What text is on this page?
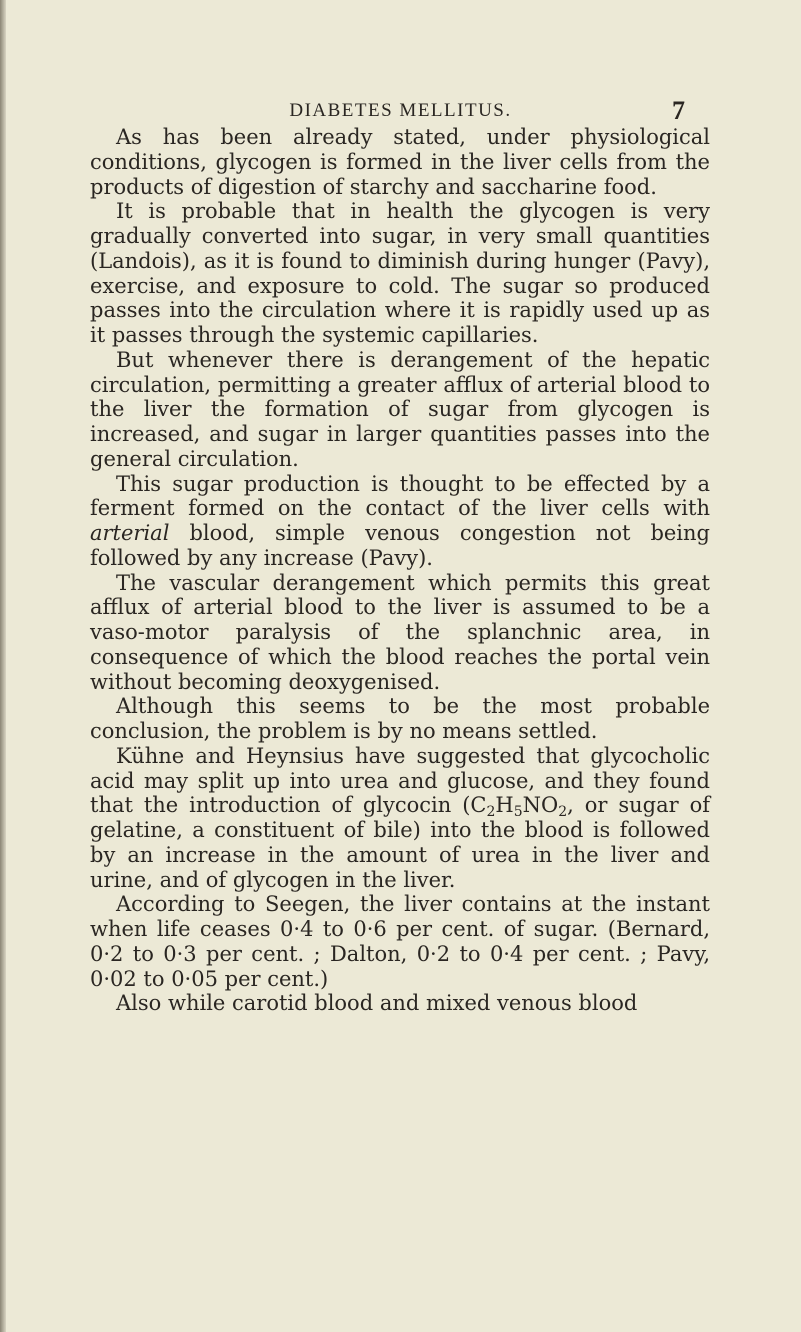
DIABETES MELLITUS.	7

As has been already stated, under physiological conditions, glycogen is formed in the liver cells from the products of digestion of starchy and saccharine food.

It is probable that in health the glycogen is very gradually converted into sugar, in very small quantities (Landois), as it is found to diminish during hunger (Pavy), exercise, and exposure to cold. The sugar so produced passes into the circulation where it is rapidly used up as it passes through the systemic capillaries.

But whenever there is derangement of the hepatic circulation, permitting a greater afflux of arterial blood to the liver the formation of sugar from glycogen is increased, and sugar in larger quantities passes into the general circulation.

This sugar production is thought to be effected by a ferment formed on the contact of the liver cells with arterial blood, simple venous congestion not being followed by any increase (Pavy).

The vascular derangement which permits this great afflux of arterial blood to the liver is assumed to be a vaso-motor paralysis of the splanchnic area, in consequence of which the blood reaches the portal vein without becoming deoxygenised.

Although this seems to be the most probable conclusion, the problem is by no means settled.

Kühne and Heynsius have suggested that glycocholic acid may split up into urea and glucose, and they found that the introduction of glycocin ($C_2H_5NO_2$, or sugar of gelatine, a constituent of bile) into the blood is followed by an increase in the amount of urea in the liver and urine, and of glycogen in the liver.

According to Seegen, the liver contains at the instant when life ceases 0·4 to 0·6 per cent. of sugar. (Bernard, 0·2 to 0·3 per cent. ; Dalton, 0·2 to 0·4 per cent. ; Pavy, 0·02 to 0·05 per cent.)

Also while carotid blood and mixed venous blood
